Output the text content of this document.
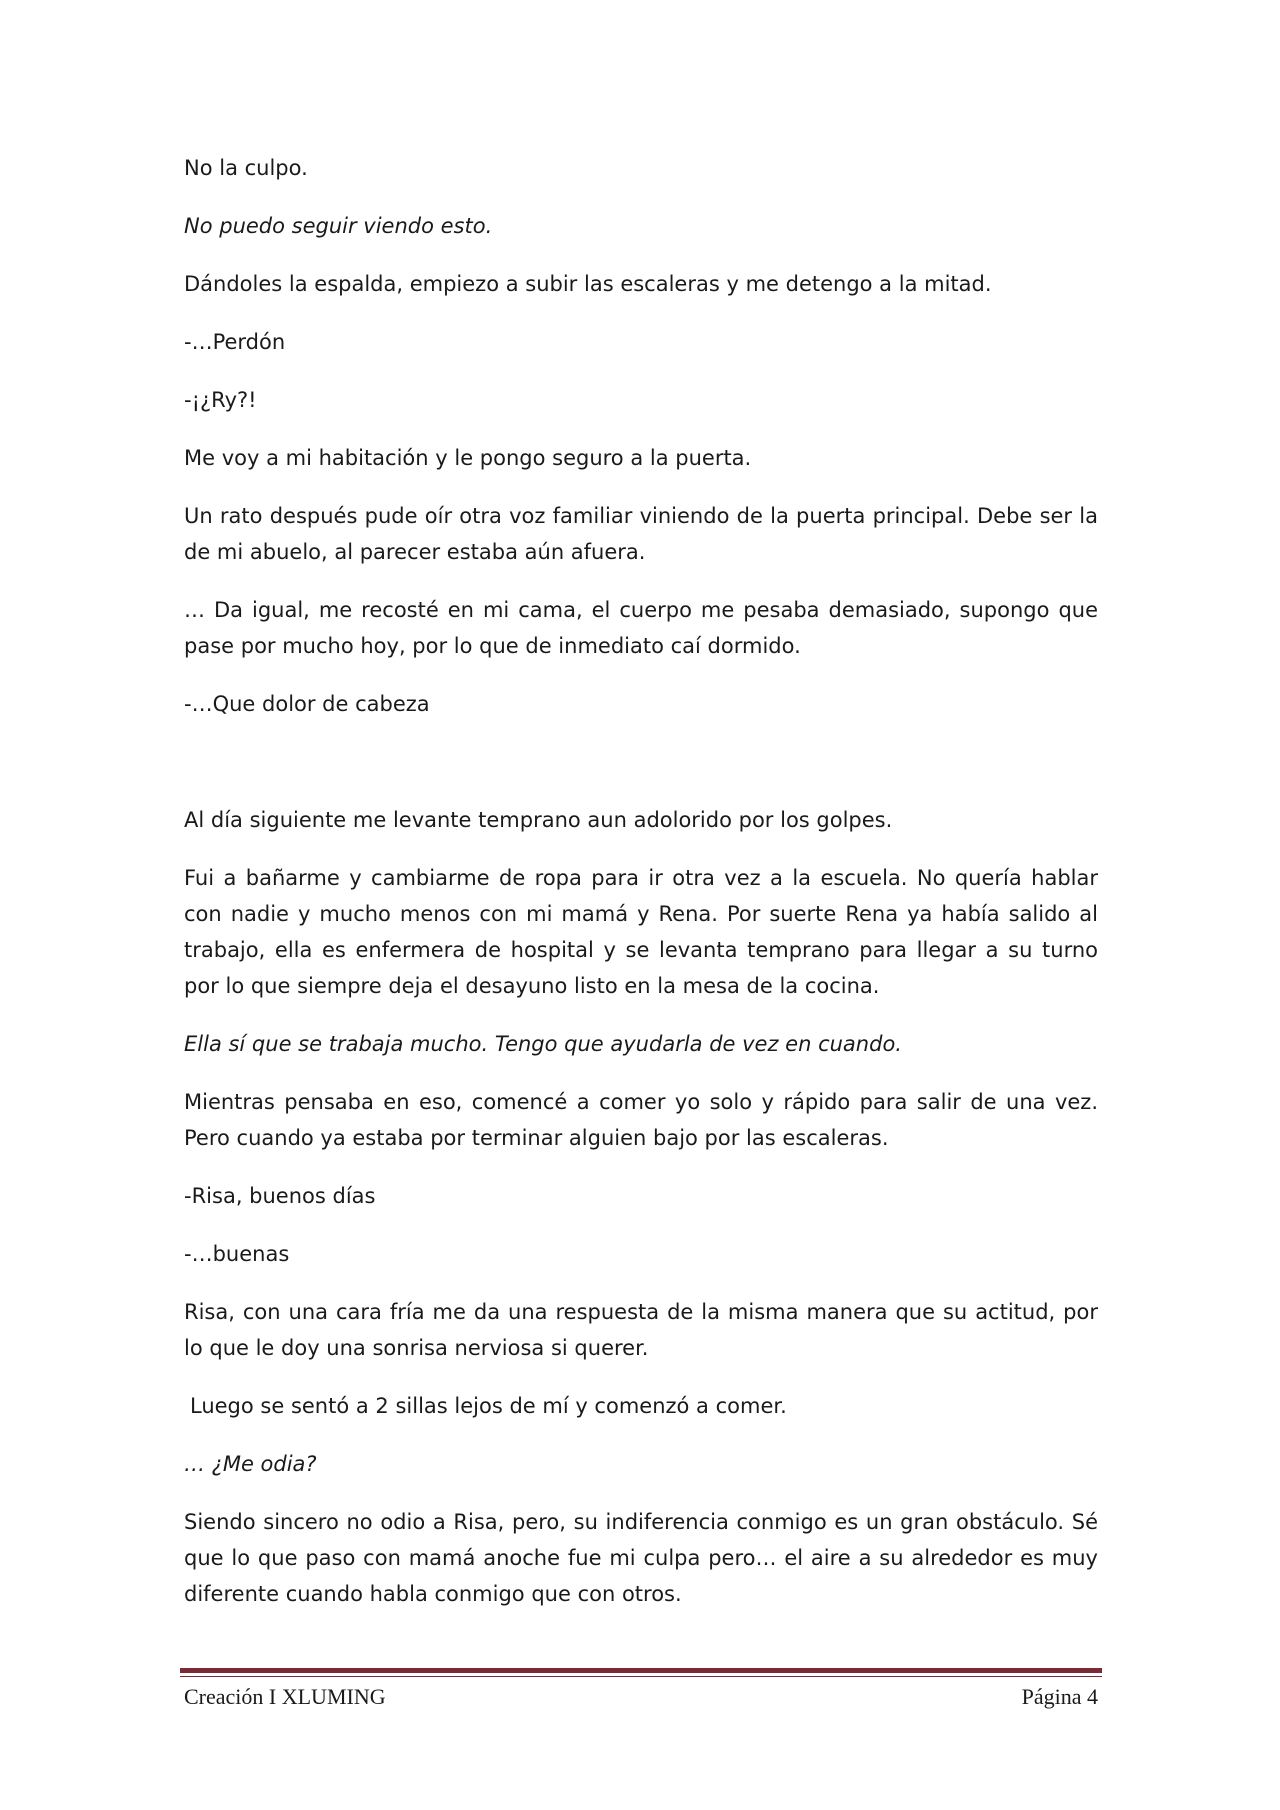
No la culpo.

No puedo seguir viendo esto.

Dándoles la espalda, empiezo a subir las escaleras y me detengo a la mitad.

-…Perdón

-¡¿Ry?!

Me voy a mi habitación y le pongo seguro a la puerta.

Un rato después pude oír otra voz familiar viniendo de la puerta principal. Debe ser la de mi abuelo, al parecer estaba aún afuera.

… Da igual, me recosté en mi cama, el cuerpo me pesaba demasiado, supongo que pase por mucho hoy, por lo que de inmediato caí dormido.

-…Que dolor de cabeza

Al día siguiente me levante temprano aun adolorido por los golpes.

Fui a bañarme y cambiarme de ropa para ir otra vez a la escuela. No quería hablar con nadie y mucho menos con mi mamá y Rena. Por suerte Rena ya había salido al trabajo, ella es enfermera de hospital y se levanta temprano para llegar a su turno por lo que siempre deja el desayuno listo en la mesa de la cocina.

Ella sí que se trabaja mucho. Tengo que ayudarla de vez en cuando.

Mientras pensaba en eso, comencé a comer yo solo y rápido para salir de una vez. Pero cuando ya estaba por terminar alguien bajo por las escaleras.

-Risa, buenos días

-…buenas

Risa, con una cara fría me da una respuesta de la misma manera que su actitud, por lo que le doy una sonrisa nerviosa si querer.

Luego se sentó a 2 sillas lejos de mí y comenzó a comer.

… ¿Me odia?

Siendo sincero no odio a Risa, pero, su indiferencia conmigo es un gran obstáculo. Sé que lo que paso con mamá anoche fue mi culpa pero… el aire a su alrededor es muy diferente cuando habla conmigo que con otros.

Creación I XLUMING	Página 4
